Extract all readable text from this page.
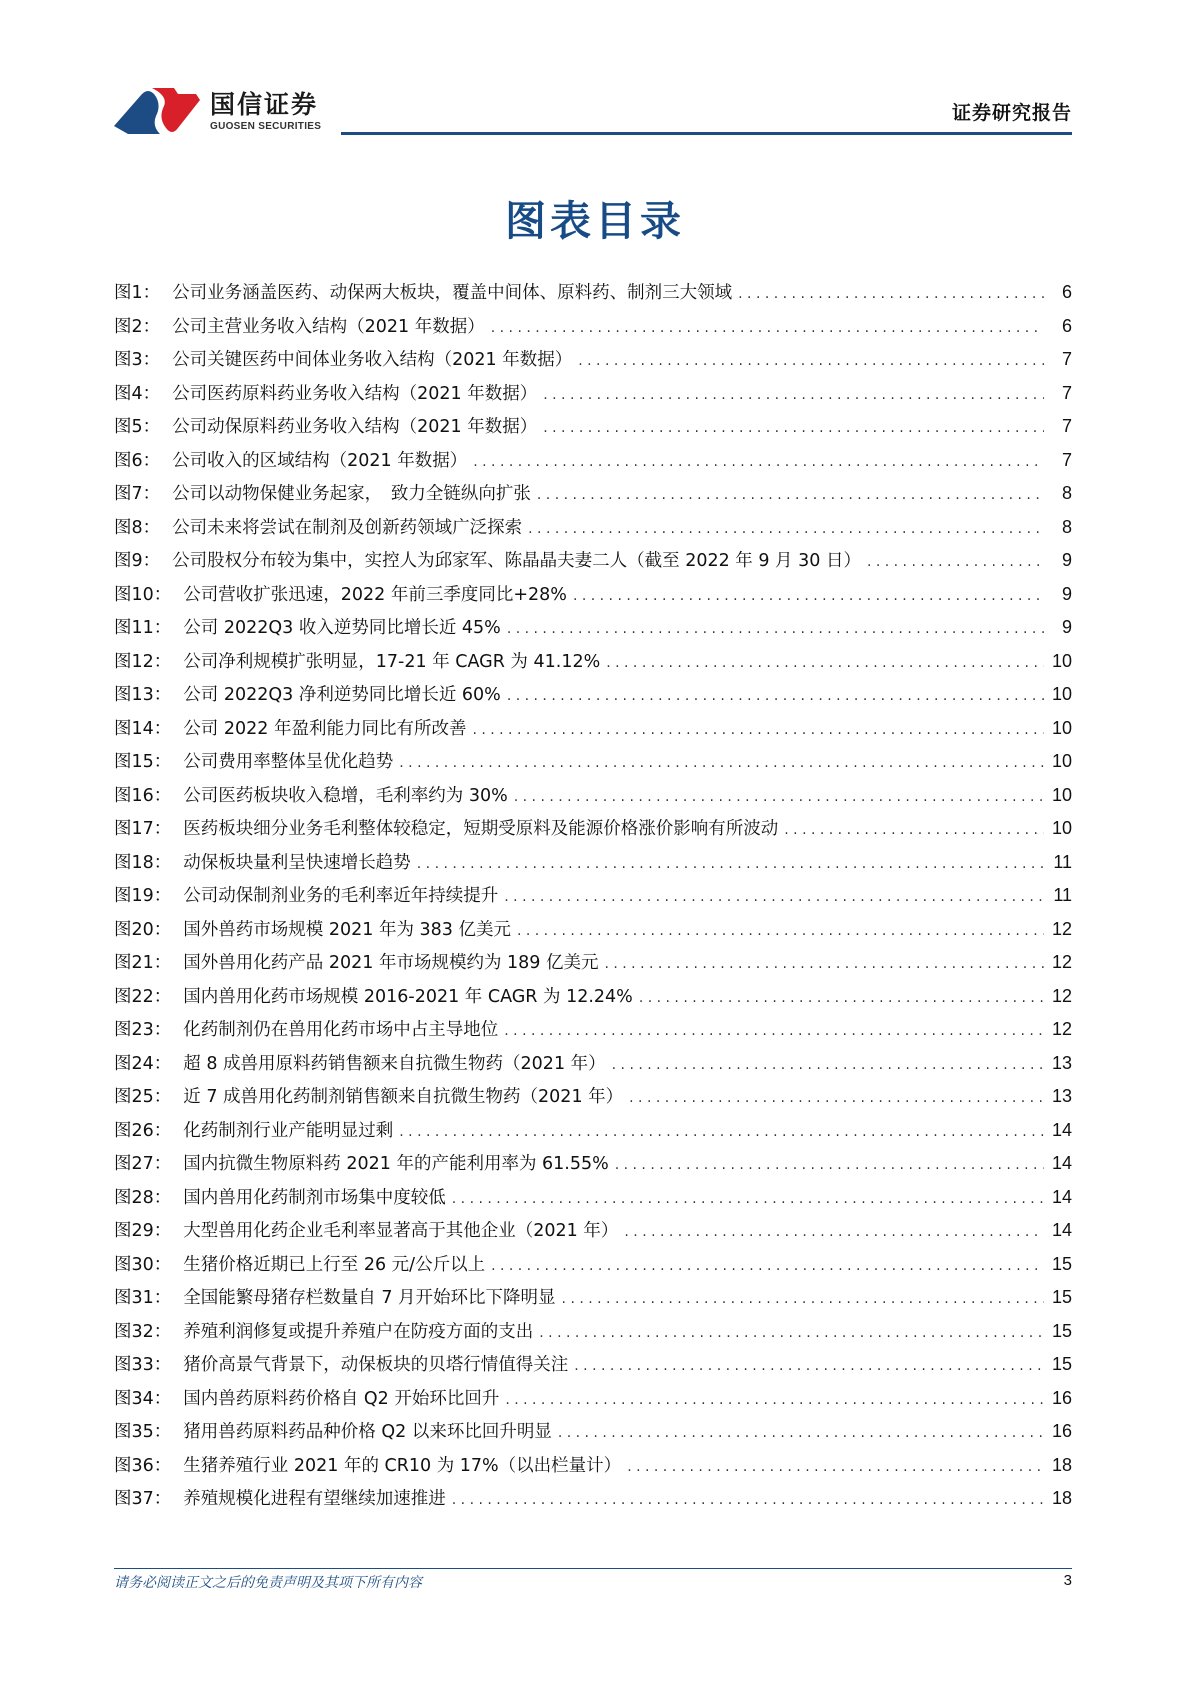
国信证券
GUOSEN SECURITIES
证券研究报告
图表目录
图1： 公司业务涵盖医药、动保两大板块，覆盖中间体、原料药、制剂三大领域 . . .	6
图2： 公司主营业务收入结构（2021 年数据） . . .	6
图3： 公司关键医药中间体业务收入结构（2021 年数据） . . .	7
图4： 公司医药原料药业务收入结构（2021 年数据） . . .	7
图5： 公司动保原料药业务收入结构（2021 年数据） . . .	7
图6： 公司收入的区域结构（2021 年数据） . . .	7
图7： 公司以动物保健业务起家，　致力全链纵向扩张 . . .	8
图8： 公司未来将尝试在制剂及创新药领域广泛探索 . . .	8
图9： 公司股权分布较为集中，实控人为邱家军、陈晶晶夫妻二人（截至 2022 年 9 月 30 日） . . .	9
图10： 公司营收扩张迅速，2022 年前三季度同比+28% . . .	9
图11： 公司 2022Q3 收入逆势同比增长近 45% . . .	9
图12： 公司净利规模扩张明显，17-21 年 CAGR 为 41.12% . . .	10
图13： 公司 2022Q3 净利逆势同比增长近 60% . . .	10
图14： 公司 2022 年盈利能力同比有所改善 . . .	10
图15： 公司费用率整体呈优化趋势 . . .	10
图16： 公司医药板块收入稳增，毛利率约为 30% . . .	10
图17： 医药板块细分业务毛利整体较稳定，短期受原料及能源价格涨价影响有所波动 . . .	10
图18： 动保板块量利呈快速增长趋势 . . .	11
图19： 公司动保制剂业务的毛利率近年持续提升 . . .	11
图20： 国外兽药市场规模 2021 年为 383 亿美元 . . .	12
图21： 国外兽用化药产品 2021 年市场规模约为 189 亿美元 . . .	12
图22： 国内兽用化药市场规模 2016-2021 年 CAGR 为 12.24% . . .	12
图23： 化药制剂仍在兽用化药市场中占主导地位 . . .	12
图24： 超 8 成兽用原料药销售额来自抗微生物药（2021 年） . . .	13
图25： 近 7 成兽用化药制剂销售额来自抗微生物药（2021 年） . . .	13
图26： 化药制剂行业产能明显过剩 . . .	14
图27： 国内抗微生物原料药 2021 年的产能利用率为 61.55% . . .	14
图28： 国内兽用化药制剂市场集中度较低 . . .	14
图29： 大型兽用化药企业毛利率显著高于其他企业（2021 年） . . .	14
图30： 生猪价格近期已上行至 26 元/公斤以上 . . .	15
图31： 全国能繁母猪存栏数量自 7 月开始环比下降明显 . . .	15
图32： 养殖利润修复或提升养殖户在防疫方面的支出 . . .	15
图33： 猪价高景气背景下，动保板块的贝塔行情值得关注 . . .	15
图34： 国内兽药原料药价格自 Q2 开始环比回升 . . .	16
图35： 猪用兽药原料药品种价格 Q2 以来环比回升明显 . . .	16
图36： 生猪养殖行业 2021 年的 CR10 为 17%（以出栏量计） . . .	18
图37： 养殖规模化进程有望继续加速推进 . . .	18
请务必阅读正文之后的免责声明及其项下所有内容	3
